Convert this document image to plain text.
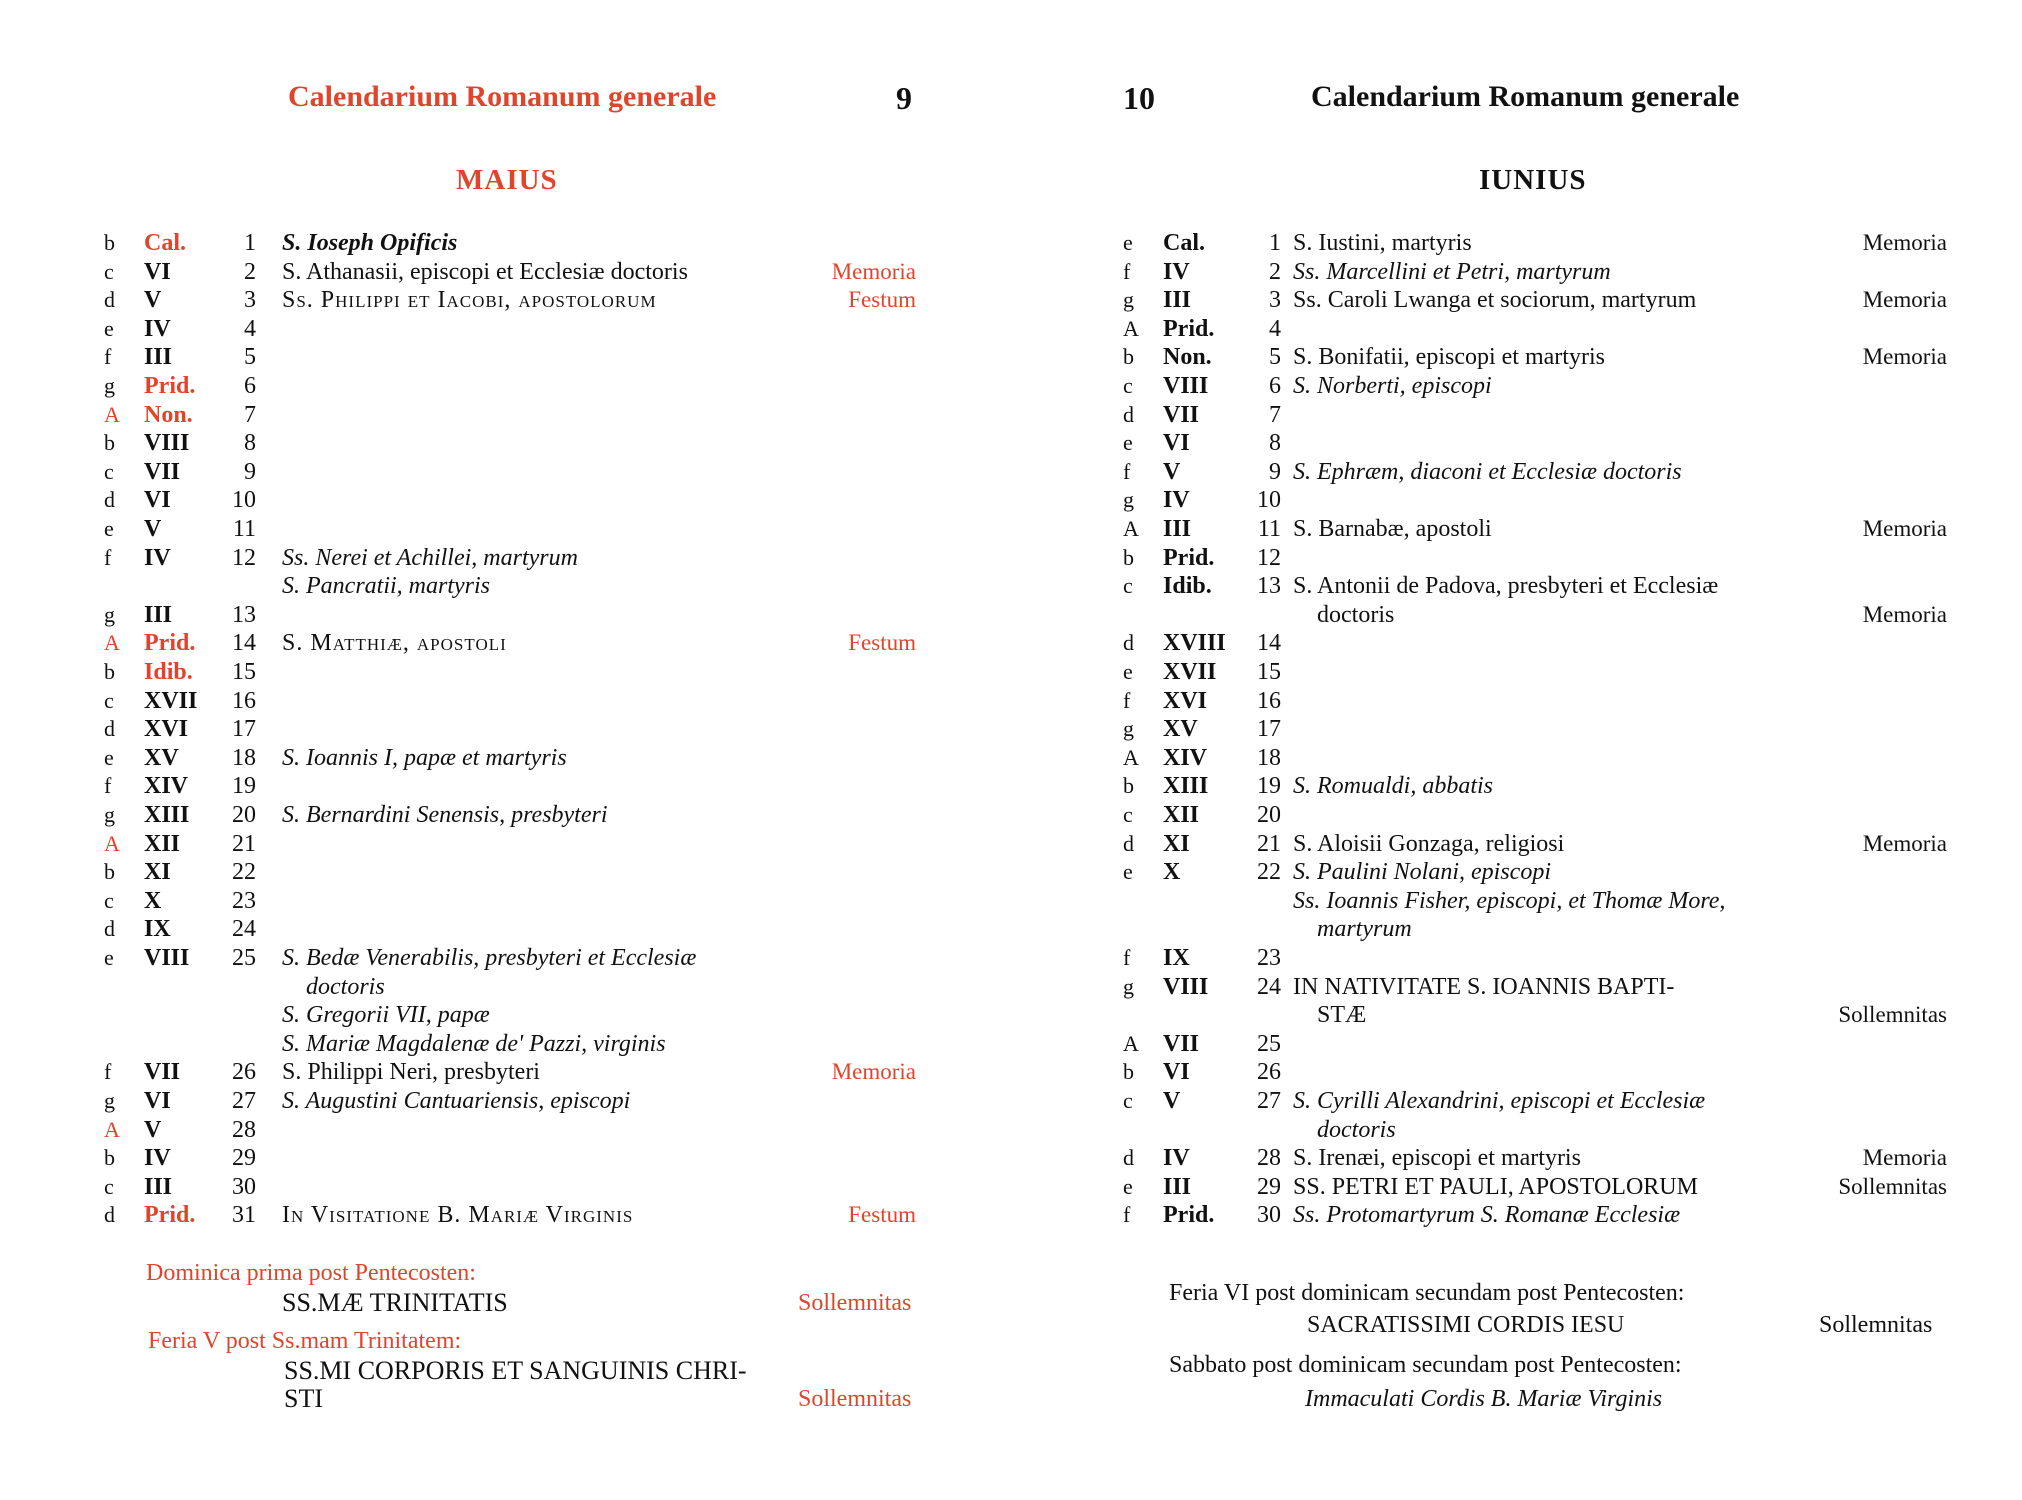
Calendarium Romanum generale	9
MAIUS
b Cal.	1 S. Ioseph Opificis
c VI	2 S. Athanasii, episcopi et Ecclesiæ doctoris	Memoria
d V	3 Ss. Philippi et Iacobi, apostolorum	Festum
e IV	4
f III	5
g Prid.	6
A Non.	7
b VIII	8
c VII	9
d VI	10
e V	11
f IV	12 Ss. Nerei et Achillei, martyrum
S. Pancratii, martyris
g III	13
A Prid.	14 S. Matthiæ, apostoli	Festum
b Idib.	15
c XVII	16
d XVI	17
e XV	18 S. Ioannis I, papæ et martyris
f XIV	19
g XIII	20 S. Bernardini Senensis, presbyteri
A XII	21
b XI	22
c X	23
d IX	24
e VIII	25 S. Bedæ Venerabilis, presbyteri et Ecclesiæ
doctoris
S. Gregorii VII, papæ
S. Mariæ Magdalenæ de' Pazzi, virginis
f VII	26 S. Philippi Neri, presbyteri	Memoria
g VI	27 S. Augustini Cantuariensis, episcopi
A V	28
b IV	29
c III	30
d Prid.	31 In Visitatione B. Mariæ Virginis	Festum
Dominica prima post Pentecosten:
SS.MÆ TRINITATIS	Sollemnitas
Feria V post Ss.mam Trinitatem:
SS.MI CORPORIS ET SANGUINIS CHRI-
STI	Sollemnitas
10	Calendarium Romanum generale
IUNIUS
e Cal.	1 S. Iustini, martyris	Memoria
f IV	2 Ss. Marcellini et Petri, martyrum
g III	3 Ss. Caroli Lwanga et sociorum, martyrum	Memoria
A Prid.	4
b Non.	5 S. Bonifatii, episcopi et martyris	Memoria
c VIII	6 S. Norberti, episcopi
d VII	7
e VI	8
f V	9 S. Ephræm, diaconi et Ecclesiæ doctoris
g IV	10
A III	11 S. Barnabæ, apostoli	Memoria
b Prid.	12
c Idib.	13 S. Antonii de Padova, presbyteri et Ecclesiæ
doctoris	Memoria
d XVIII	14
e XVII	15
f XVI	16
g XV	17
A XIV	18
b XIII	19 S. Romualdi, abbatis
c XII	20
d XI	21 S. Aloisii Gonzaga, religiosi	Memoria
e X	22 S. Paulini Nolani, episcopi
Ss. Ioannis Fisher, episcopi, et Thomæ More,
martyrum
f IX	23
g VIII	24 IN NATIVITATE S. IOANNIS BAPTI-
STÆ	Sollemnitas
A VII	25
b VI	26
c V	27 S. Cyrilli Alexandrini, episcopi et Ecclesiæ
doctoris
d IV	28 S. Irenæi, episcopi et martyris	Memoria
e III	29 SS. PETRI ET PAULI, APOSTOLORUM	Sollemnitas
f Prid.	30 Ss. Protomartyrum S. Romanæ Ecclesiæ
Feria VI post dominicam secundam post Pentecosten:
SACRATISSIMI CORDIS IESU	Sollemnitas
Sabbato post dominicam secundam post Pentecosten:
Immaculati Cordis B. Mariæ Virginis
